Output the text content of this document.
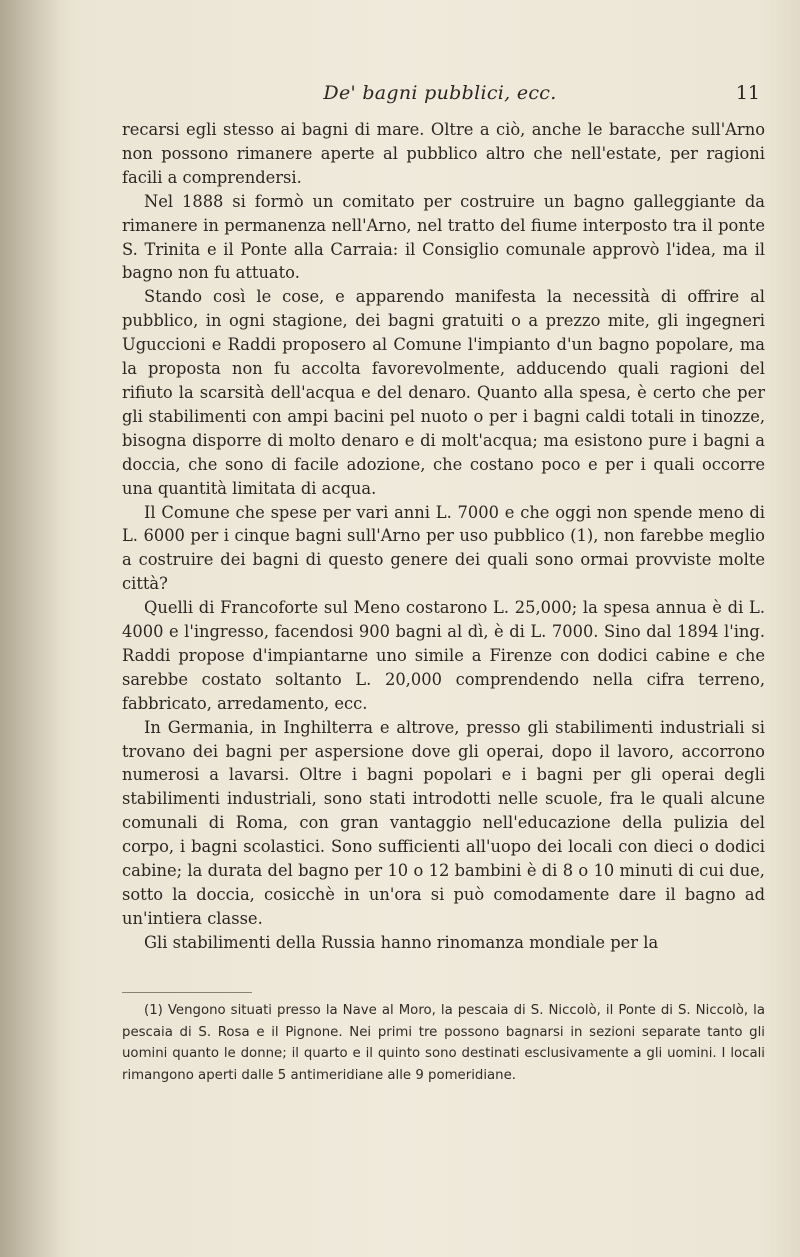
De' bagni pubblici, ecc.	11

recarsi egli stesso ai bagni di mare. Oltre a ciò, anche le baracche sull'Arno non possono rimanere aperte al pubblico altro che nell'estate, per ragioni facili a comprendersi.

Nel 1888 si formò un comitato per costruire un bagno galleggiante da rimanere in permanenza nell'Arno, nel tratto del fiume interposto tra il ponte S. Trinita e il Ponte alla Carraia: il Consiglio comunale approvò l'idea, ma il bagno non fu attuato.

Stando così le cose, e apparendo manifesta la necessità di offrire al pubblico, in ogni stagione, dei bagni gratuiti o a prezzo mite, gli ingegneri Uguccioni e Raddi proposero al Comune l'impianto d'un bagno popolare, ma la proposta non fu accolta favorevolmente, adducendo quali ragioni del rifiuto la scarsità dell'acqua e del denaro. Quanto alla spesa, è certo che per gli stabilimenti con ampi bacini pel nuoto o per i bagni caldi totali in tinozze, bisogna disporre di molto denaro e di molt'acqua; ma esistono pure i bagni a doccia, che sono di facile adozione, che costano poco e per i quali occorre una quantità limitata di acqua.

Il Comune che spese per vari anni L. 7000 e che oggi non spende meno di L. 6000 per i cinque bagni sull'Arno per uso pubblico (1), non farebbe meglio a costruire dei bagni di questo genere dei quali sono ormai provviste molte città?

Quelli di Francoforte sul Meno costarono L. 25,000; la spesa annua è di L. 4000 e l'ingresso, facendosi 900 bagni al dì, è di L. 7000. Sino dal 1894 l'ing. Raddi propose d'impiantarne uno simile a Firenze con dodici cabine e che sarebbe costato soltanto L. 20,000 comprendendo nella cifra terreno, fabbricato, arredamento, ecc.

In Germania, in Inghilterra e altrove, presso gli stabilimenti industriali si trovano dei bagni per aspersione dove gli operai, dopo il lavoro, accorrono numerosi a lavarsi. Oltre i bagni popolari e i bagni per gli operai degli stabilimenti industriali, sono stati introdotti nelle scuole, fra le quali alcune comunali di Roma, con gran vantaggio nell'educazione della pulizia del corpo, i bagni scolastici. Sono sufficienti all'uopo dei locali con dieci o dodici cabine; la durata del bagno per 10 o 12 bambini è di 8 o 10 minuti di cui due, sotto la doccia, cosicchè in un'ora si può comodamente dare il bagno ad un'intiera classe.

Gli stabilimenti della Russia hanno rinomanza mondiale per la

(1) Vengono situati presso la Nave al Moro, la pescaia di S. Niccolò, il Ponte di S. Niccolò, la pescaia di S. Rosa e il Pignone. Nei primi tre possono bagnarsi in sezioni separate tanto gli uomini quanto le donne; il quarto e il quinto sono destinati esclusivamente a gli uomini. I locali rimangono aperti dalle 5 antimeridiane alle 9 pomeridiane.
